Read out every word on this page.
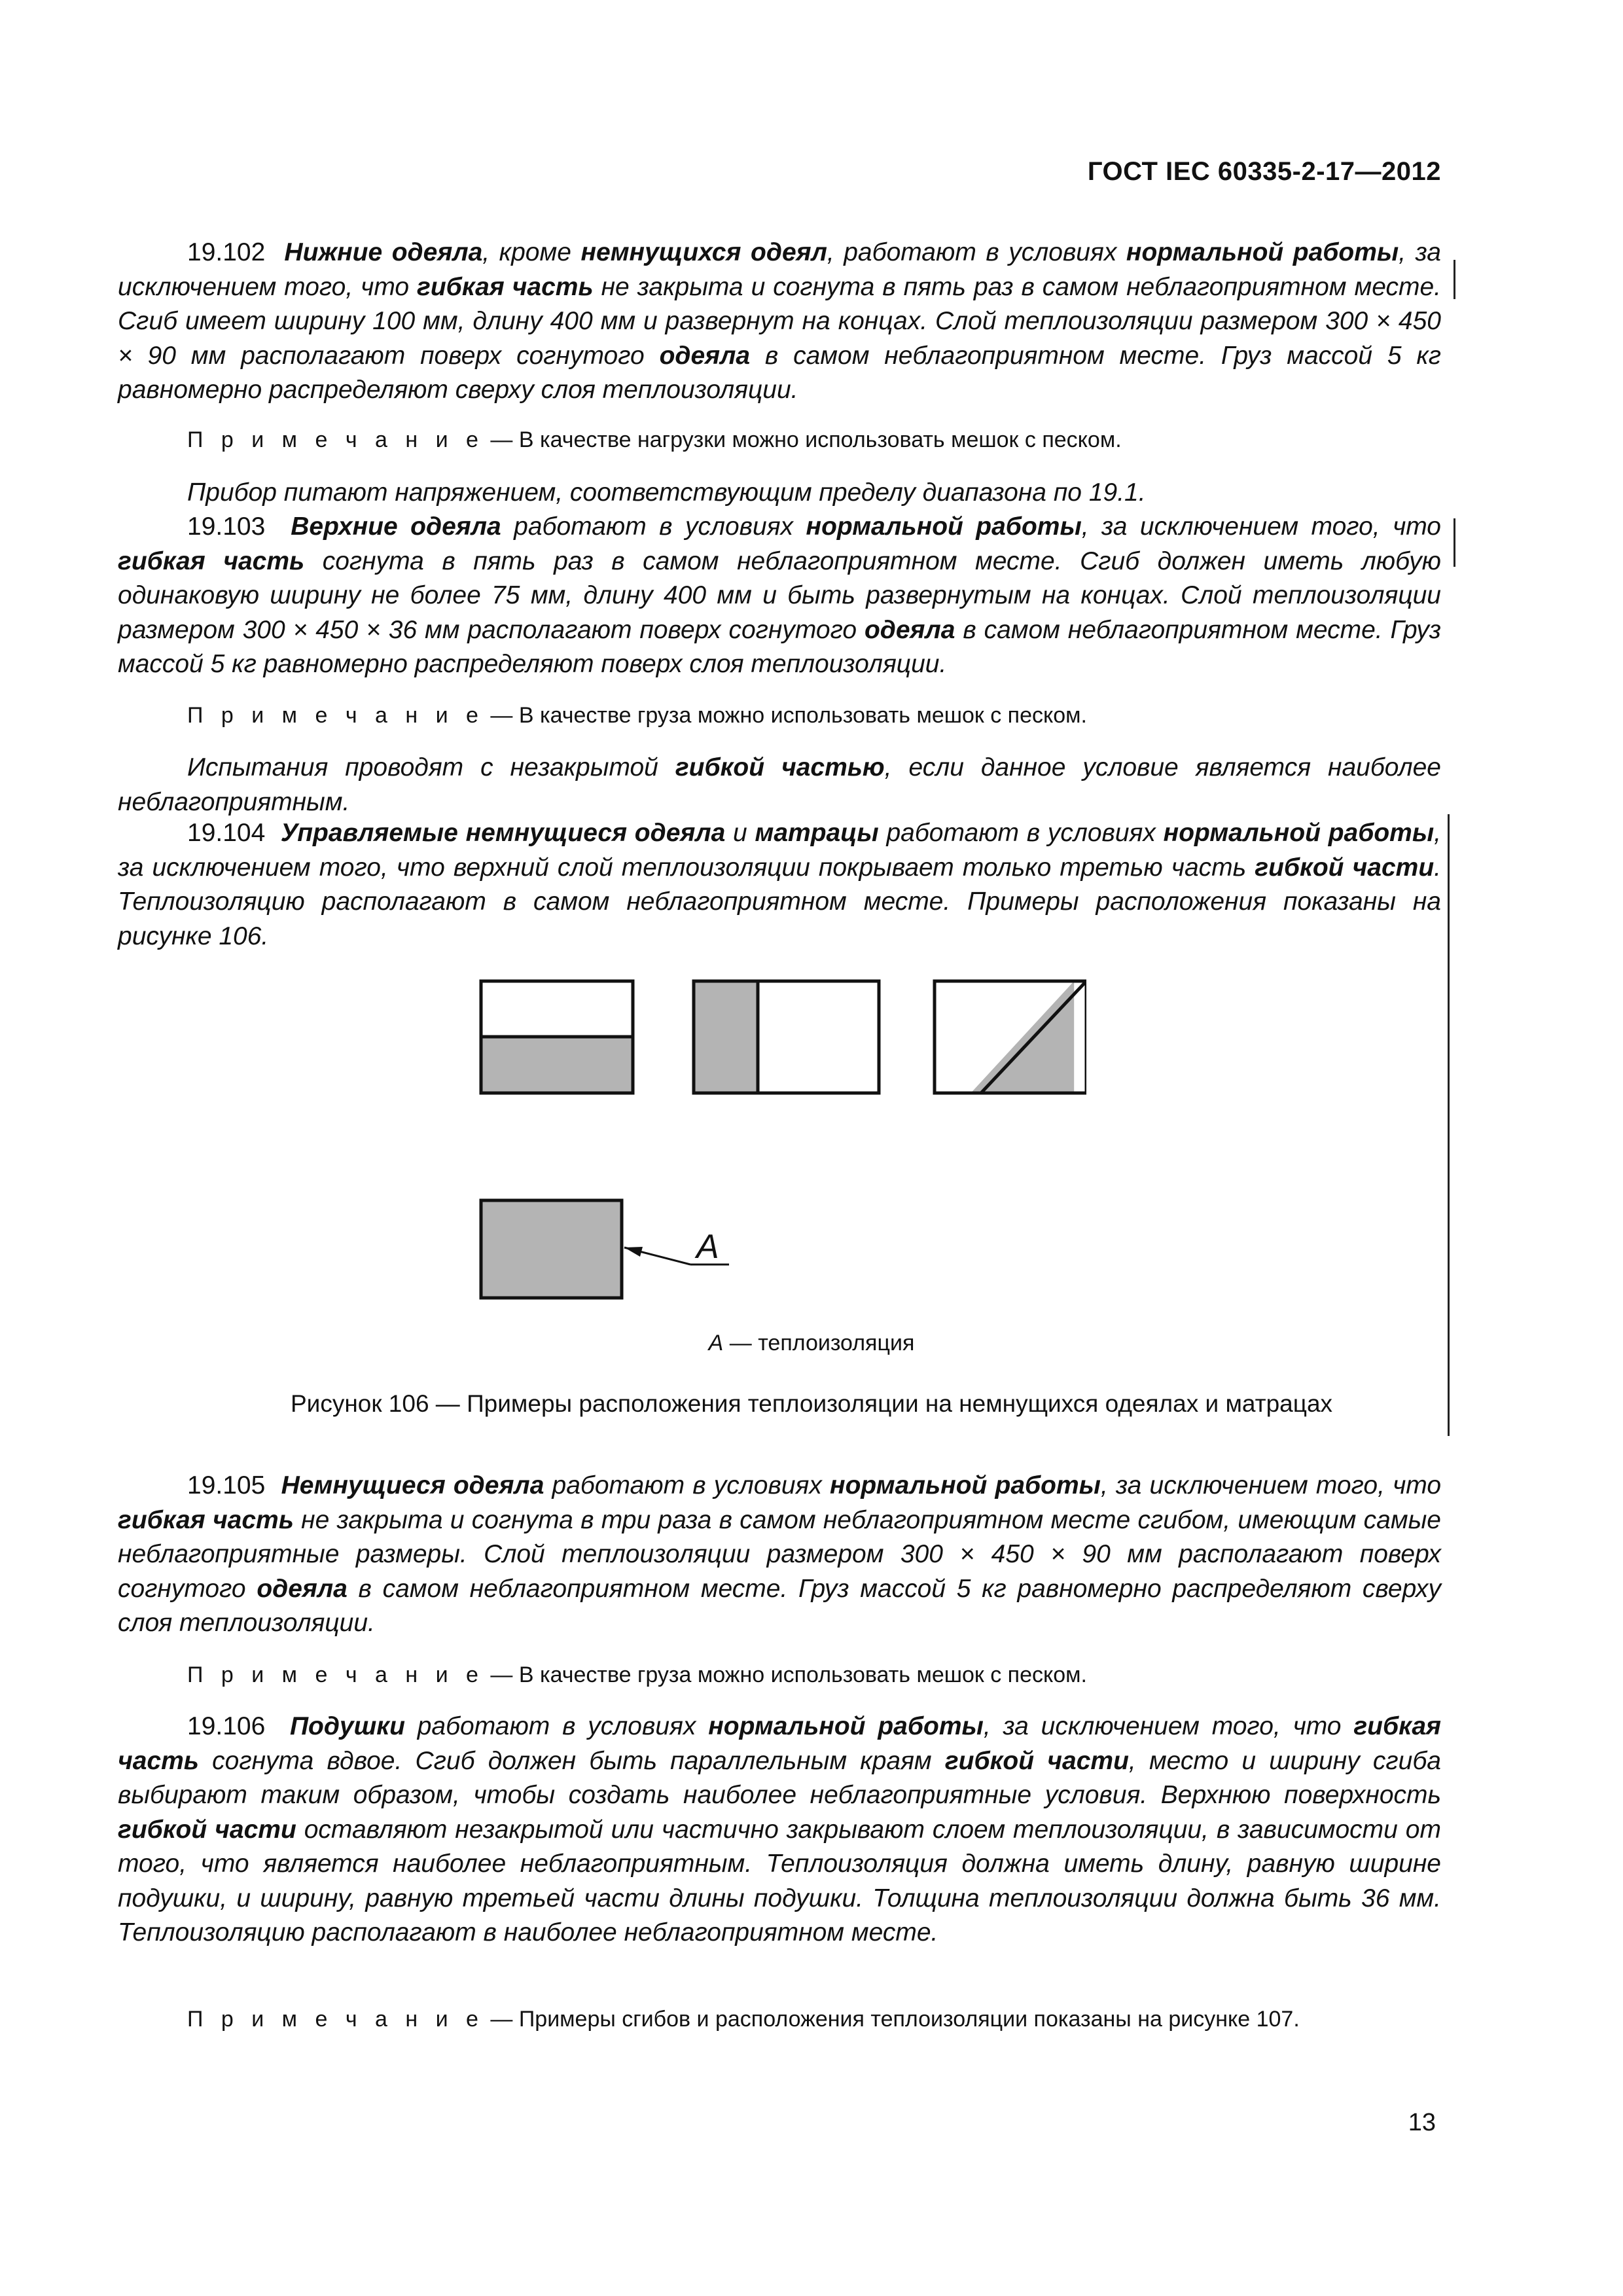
ГОСТ IEC 60335-2-17—2012
19.102 Нижние одеяла, кроме немнущихся одеял, работают в условиях нормальной работы, за исключением того, что гибкая часть не закрыта и согнута в пять раз в самом неблагоприятном месте. Сгиб имеет ширину 100 мм, длину 400 мм и развернут на концах. Слой теплоизоляции размером 300 × 450 × 90 мм располагают поверх согнутого одеяла в самом неблагоприятном месте. Груз массой 5 кг равномерно распределяют сверху слоя теплоизоляции.
П р и м е ч а н и е — В качестве нагрузки можно использовать мешок с песком.
Прибор питают напряжением, соответствующим пределу диапазона по 19.1.
19.103 Верхние одеяла работают в условиях нормальной работы, за исключением того, что гибкая часть согнута в пять раз в самом неблагоприятном месте. Сгиб должен иметь любую одинаковую ширину не более 75 мм, длину 400 мм и быть развернутым на концах. Слой теплоизоляции размером 300 × 450 × 36 мм располагают поверх согнутого одеяла в самом неблагоприятном месте. Груз массой 5 кг равномерно распределяют поверх слоя теплоизоляции.
П р и м е ч а н и е — В качестве груза можно использовать мешок с песком.
Испытания проводят с незакрытой гибкой частью, если данное условие является наиболее неблагоприятным.
19.104 Управляемые немнущиеся одеяла и матрацы работают в условиях нормальной работы, за исключением того, что верхний слой теплоизоляции покрывает только третью часть гибкой части. Теплоизоляцию располагают в самом неблагоприятном месте. Примеры расположения показаны на рисунке 106.
A
A — теплоизоляция
Рисунок 106 — Примеры расположения теплоизоляции на немнущихся одеялах и матрацах
19.105 Немнущиеся одеяла работают в условиях нормальной работы, за исключением того, что гибкая часть не закрыта и согнута в три раза в самом неблагоприятном месте сгибом, имеющим самые неблагоприятные размеры. Слой теплоизоляции размером 300 × 450 × 90 мм располагают поверх согнутого одеяла в самом неблагоприятном месте. Груз массой 5 кг равномерно распределяют сверху слоя теплоизоляции.
П р и м е ч а н и е — В качестве груза можно использовать мешок с песком.
19.106 Подушки работают в условиях нормальной работы, за исключением того, что гибкая часть согнута вдвое. Сгиб должен быть параллельным краям гибкой части, место и ширину сгиба выбирают таким образом, чтобы создать наиболее неблагоприятные условия. Верхнюю поверхность гибкой части оставляют незакрытой или частично закрывают слоем теплоизоляции, в зависимости от того, что является наиболее неблагоприятным. Теплоизоляция должна иметь длину, равную ширине подушки, и ширину, равную третьей части длины подушки. Толщина теплоизоляции должна быть 36 мм. Теплоизоляцию располагают в наиболее неблагоприятном месте.
П р и м е ч а н и е — Примеры сгибов и расположения теплоизоляции показаны на рисунке 107.
13
